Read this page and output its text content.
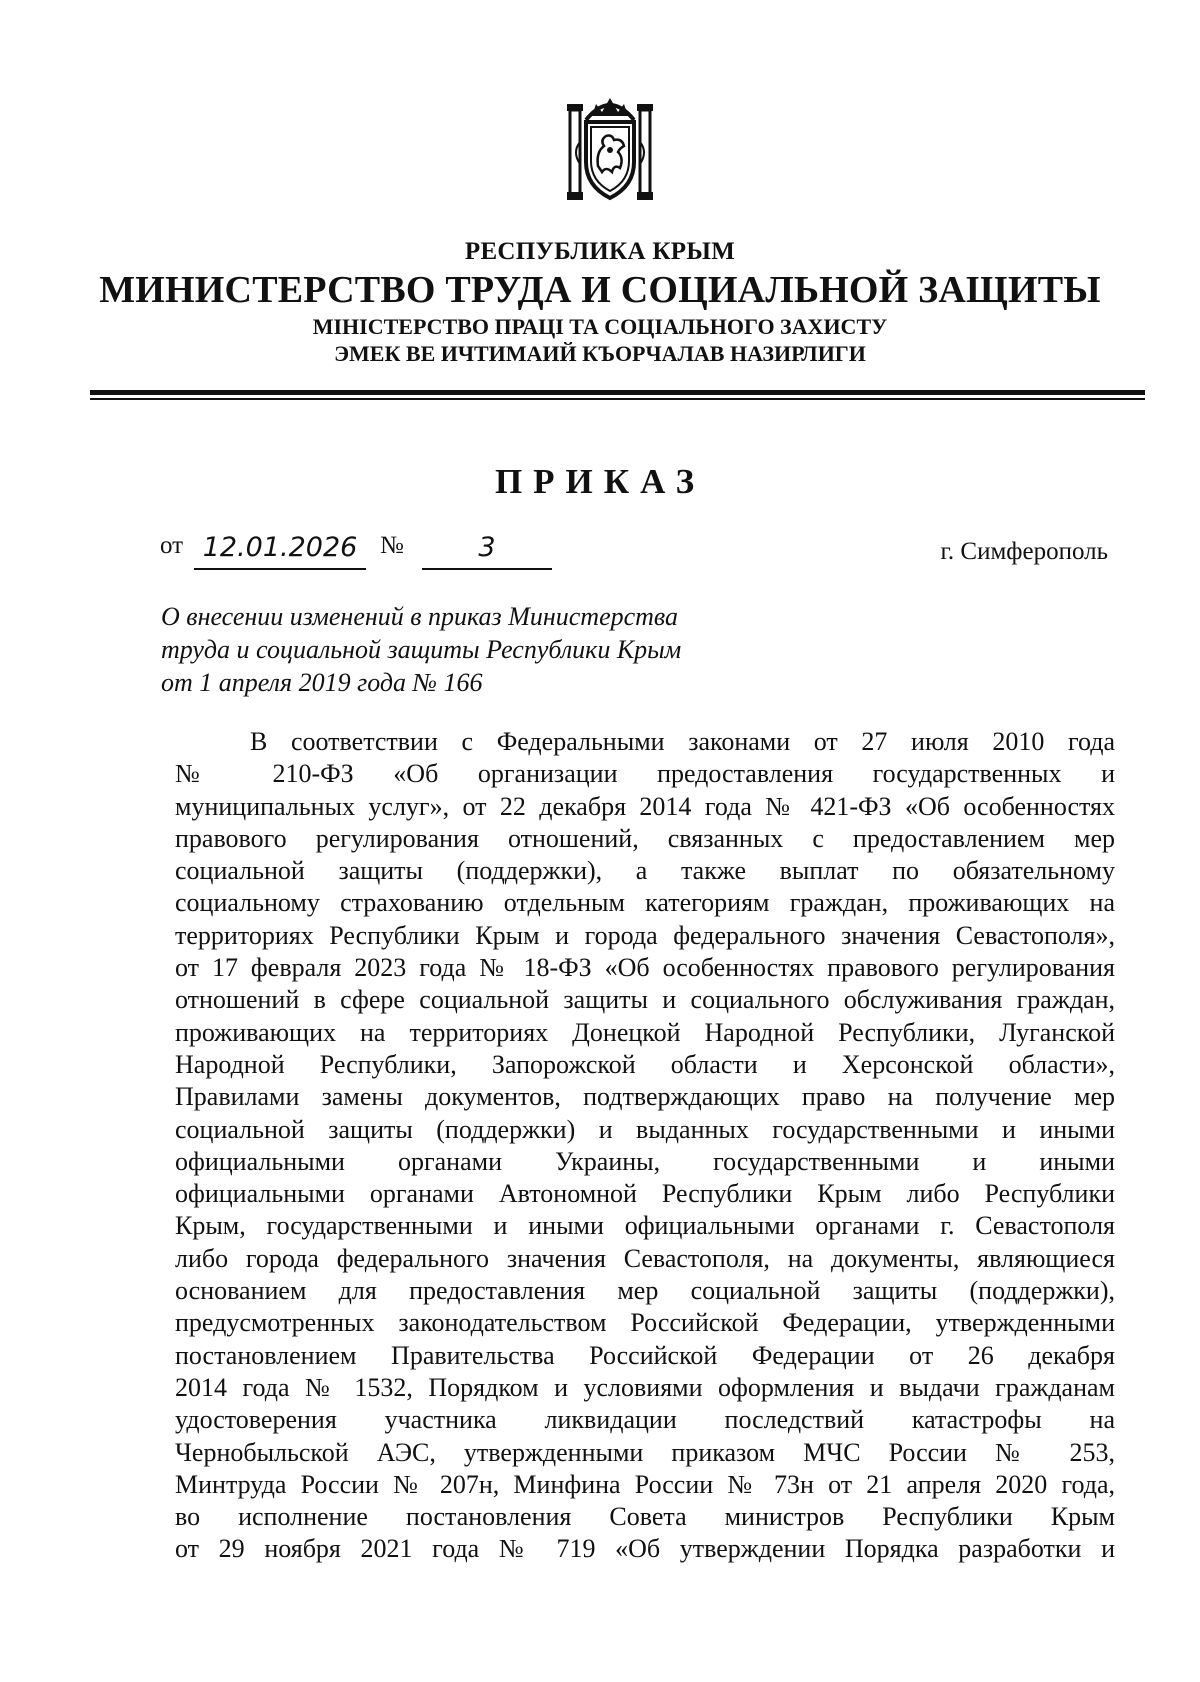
РЕСПУБЛИКА КРЫМ
МИНИСТЕРСТВО ТРУДА И СОЦИАЛЬНОЙ ЗАЩИТЫ
МІНІСТЕРСТВО ПРАЦІ ТА СОЦІАЛЬНОГО ЗАХИСТУ
ЭМЕК ВЕ ИЧТИМАИЙ КЪОРЧАЛАВ НАЗИРЛИГИ
ПРИКАЗ
от 12.01.2026 №	3	г. Симферополь
О внесении изменений в приказ Министерства
труда и социальной защиты Республики Крым
от 1 апреля 2019 года № 166
В соответствии с Федеральными законами от 27 июля 2010 года
№ 210-ФЗ «Об организации предоставления государственных и
муниципальных услуг», от 22 декабря 2014 года № 421-ФЗ «Об особенностях
правового регулирования отношений, связанных с предоставлением мер
социальной защиты (поддержки), а также выплат по обязательному
социальному страхованию отдельным категориям граждан, проживающих на
территориях Республики Крым и города федерального значения Севастополя»,
от 17 февраля 2023 года № 18-ФЗ «Об особенностях правового регулирования
отношений в сфере социальной защиты и социального обслуживания граждан,
проживающих на территориях Донецкой Народной Республики, Луганской
Народной Республики, Запорожской области и Херсонской области»,
Правилами замены документов, подтверждающих право на получение мер
социальной защиты (поддержки) и выданных государственными и иными
официальными органами Украины, государственными и иными
официальными органами Автономной Республики Крым либо Республики
Крым, государственными и иными официальными органами г. Севастополя
либо города федерального значения Севастополя, на документы, являющиеся
основанием для предоставления мер социальной защиты (поддержки),
предусмотренных законодательством Российской Федерации, утвержденными
постановлением Правительства Российской Федерации от 26 декабря
2014 года № 1532, Порядком и условиями оформления и выдачи гражданам
удостоверения участника ликвидации последствий катастрофы на
Чернобыльской АЭС, утвержденными приказом МЧС России № 253,
Минтруда России № 207н, Минфина России № 73н от 21 апреля 2020 года,
во исполнение постановления Совета министров Республики Крым
от 29 ноября 2021 года № 719 «Об утверждении Порядка разработки и
